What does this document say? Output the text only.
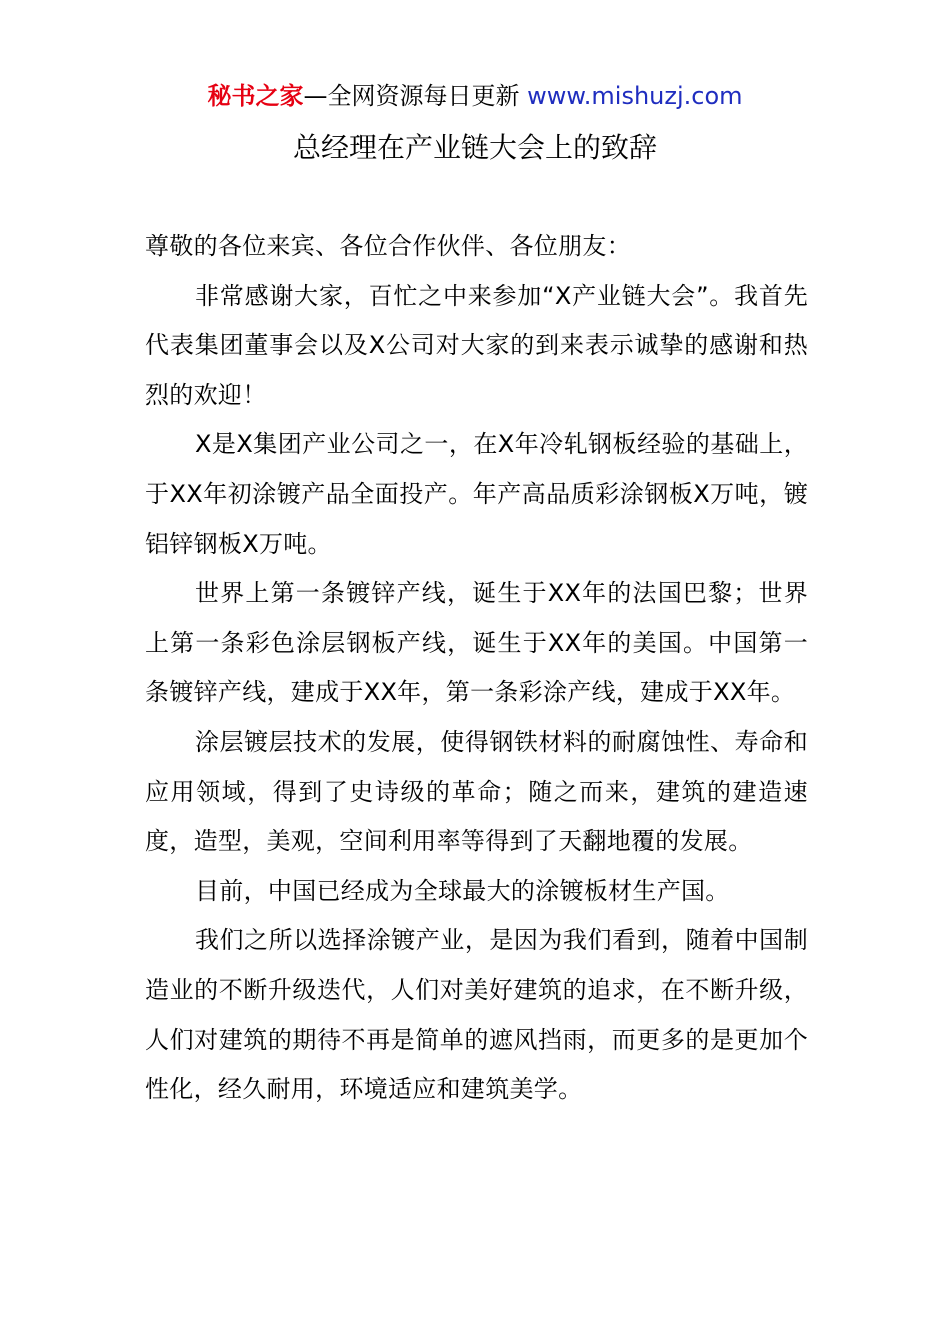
秘书之家—全网资源每日更新 www.mishuzj.com
总经理在产业链大会上的致辞

尊敬的各位来宾、各位合作伙伴、各位朋友：

非常感谢大家，百忙之中来参加“X产业链大会”。我首先代表集团董事会以及X公司对大家的到来表示诚挚的感谢和热烈的欢迎！

X是X集团产业公司之一，在X年冷轧钢板经验的基础上，于XX年初涂镀产品全面投产。年产高品质彩涂钢板X万吨，镀铝锌钢板X万吨。

世界上第一条镀锌产线，诞生于XX年的法国巴黎；世界上第一条彩色涂层钢板产线，诞生于XX年的美国。中国第一条镀锌产线，建成于XX年，第一条彩涂产线，建成于XX年。

涂层镀层技术的发展，使得钢铁材料的耐腐蚀性、寿命和应用领域，得到了史诗级的革命；随之而来，建筑的建造速度，造型，美观，空间利用率等得到了天翻地覆的发展。

目前，中国已经成为全球最大的涂镀板材生产国。

我们之所以选择涂镀产业，是因为我们看到，随着中国制造业的不断升级迭代，人们对美好建筑的追求，在不断升级，人们对建筑的期待不再是简单的遮风挡雨，而更多的是更加个性化，经久耐用，环境适应和建筑美学。
